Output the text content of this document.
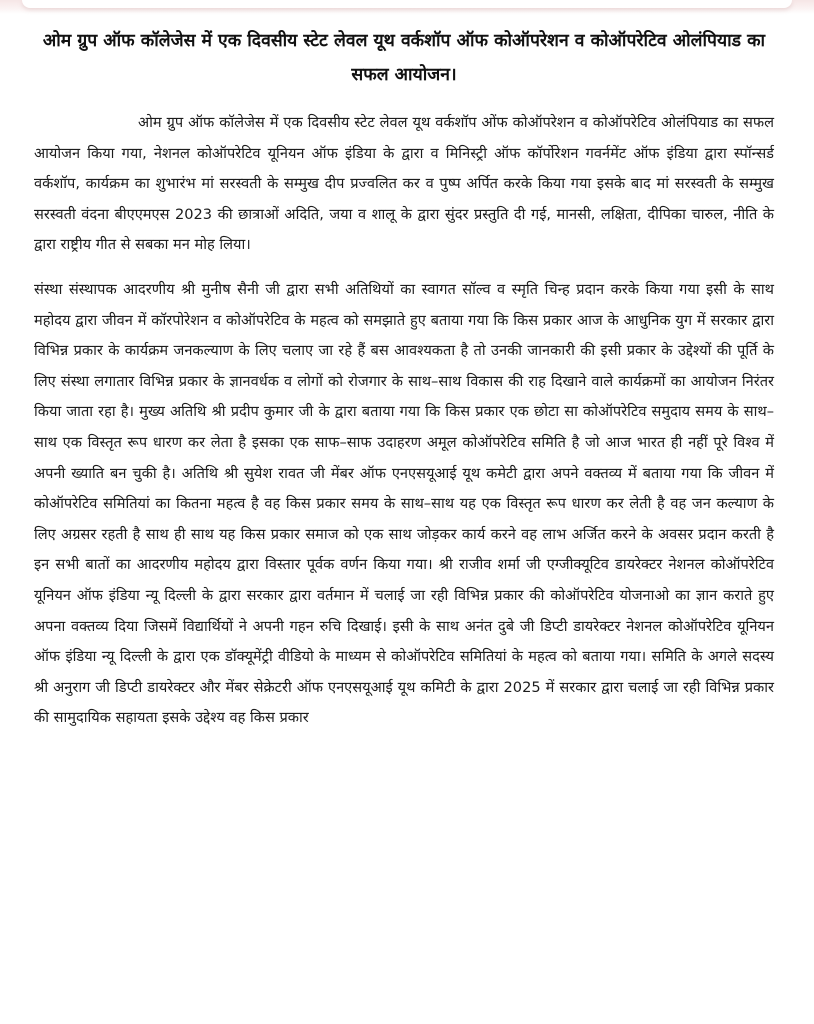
ओम ग्रुप ऑफ कॉलेजेस में एक दिवसीय स्टेट लेवल यूथ वर्कशॉप ऑफ कोऑपरेशन व कोऑपरेटिव ओलंपियाड का सफल आयोजन।

ओम ग्रुप ऑफ कॉलेजेस में एक दिवसीय स्टेट लेवल यूथ वर्कशॉप ओंफ कोऑपरेशन व कोऑपरेटिव ओलंपियाड का सफल आयोजन किया गया, नेशनल कोऑपरेटिव यूनियन ऑफ इंडिया के द्वारा व मिनिस्ट्री ऑफ कॉर्पोरेशन गवर्नमेंट ऑफ इंडिया द्वारा स्पॉन्सर्ड वर्कशॉप, कार्यक्रम का शुभारंभ मां सरस्वती के सम्मुख दीप प्रज्वलित कर व पुष्प अर्पित करके किया गया इसके बाद मां सरस्वती के सम्मुख सरस्वती वंदना बीएएमएस 2023 की छात्राओं अदिति, जया व शालू के द्वारा सुंदर प्रस्तुति दी गई, मानसी, लक्षिता, दीपिका चारुल, नीति के द्वारा राष्ट्रीय गीत से सबका मन मोह लिया।

संस्था संस्थापक आदरणीय श्री मुनीष सैनी जी द्वारा सभी अतिथियों का स्वागत सॉल्व व स्मृति चिन्ह प्रदान करके किया गया इसी के साथ महोदय द्वारा जीवन में कॉरपोरेशन व कोऑपरेटिव के महत्व को समझाते हुए बताया गया कि किस प्रकार आज के आधुनिक युग में सरकार द्वारा विभिन्न प्रकार के कार्यक्रम जनकल्याण के लिए चलाए जा रहे हैं बस आवश्यकता है तो उनकी जानकारी की इसी प्रकार के उद्देश्यों की पूर्ति के लिए संस्था लगातार विभिन्न प्रकार के ज्ञानवर्धक व लोगों को रोजगार के साथ–साथ विकास की राह दिखाने वाले कार्यक्रमों का आयोजन निरंतर किया जाता रहा है। मुख्य अतिथि श्री प्रदीप कुमार जी के द्वारा बताया गया कि किस प्रकार एक छोटा सा कोऑपरेटिव समुदाय समय के साथ–साथ एक विस्तृत रूप धारण कर लेता है इसका एक साफ–साफ उदाहरण अमूल कोऑपरेटिव समिति है जो आज भारत ही नहीं पूरे विश्व में अपनी ख्याति बन चुकी है। अतिथि श्री सुयेश रावत जी मेंबर ऑफ एनएसयूआई यूथ कमेटी द्वारा अपने वक्तव्य में बताया गया कि जीवन में कोऑपरेटिव समितियां का कितना महत्व है वह किस प्रकार समय के साथ–साथ यह एक विस्तृत रूप धारण कर लेती है वह जन कल्याण के लिए अग्रसर रहती है साथ ही साथ यह किस प्रकार समाज को एक साथ जोड़कर कार्य करने वह लाभ अर्जित करने के अवसर प्रदान करती है इन सभी बातों का आदरणीय महोदय द्वारा विस्तार पूर्वक वर्णन किया गया। श्री राजीव शर्मा जी एग्जीक्यूटिव डायरेक्टर नेशनल कोऑपरेटिव यूनियन ऑफ इंडिया न्यू दिल्ली के द्वारा सरकार द्वारा वर्तमान में चलाई जा रही विभिन्न प्रकार की कोऑपरेटिव योजनाओ का ज्ञान कराते हुए अपना वक्तव्य दिया जिसमें विद्यार्थियों ने अपनी गहन रुचि दिखाई। इसी के साथ अनंत दुबे जी डिप्टी डायरेक्टर नेशनल कोऑपरेटिव यूनियन ऑफ इंडिया न्यू दिल्ली के द्वारा एक डॉक्यूमेंट्री वीडियो के माध्यम से कोऑपरेटिव समितियां के महत्व को बताया गया। समिति के अगले सदस्य श्री अनुराग जी डिप्टी डायरेक्टर और मेंबर सेक्रेटरी ऑफ एनएसयूआई यूथ कमिटी के द्वारा 2025 में सरकार द्वारा चलाई जा रही विभिन्न प्रकार की सामुदायिक सहायता इसके उद्देश्य वह किस प्रकार
